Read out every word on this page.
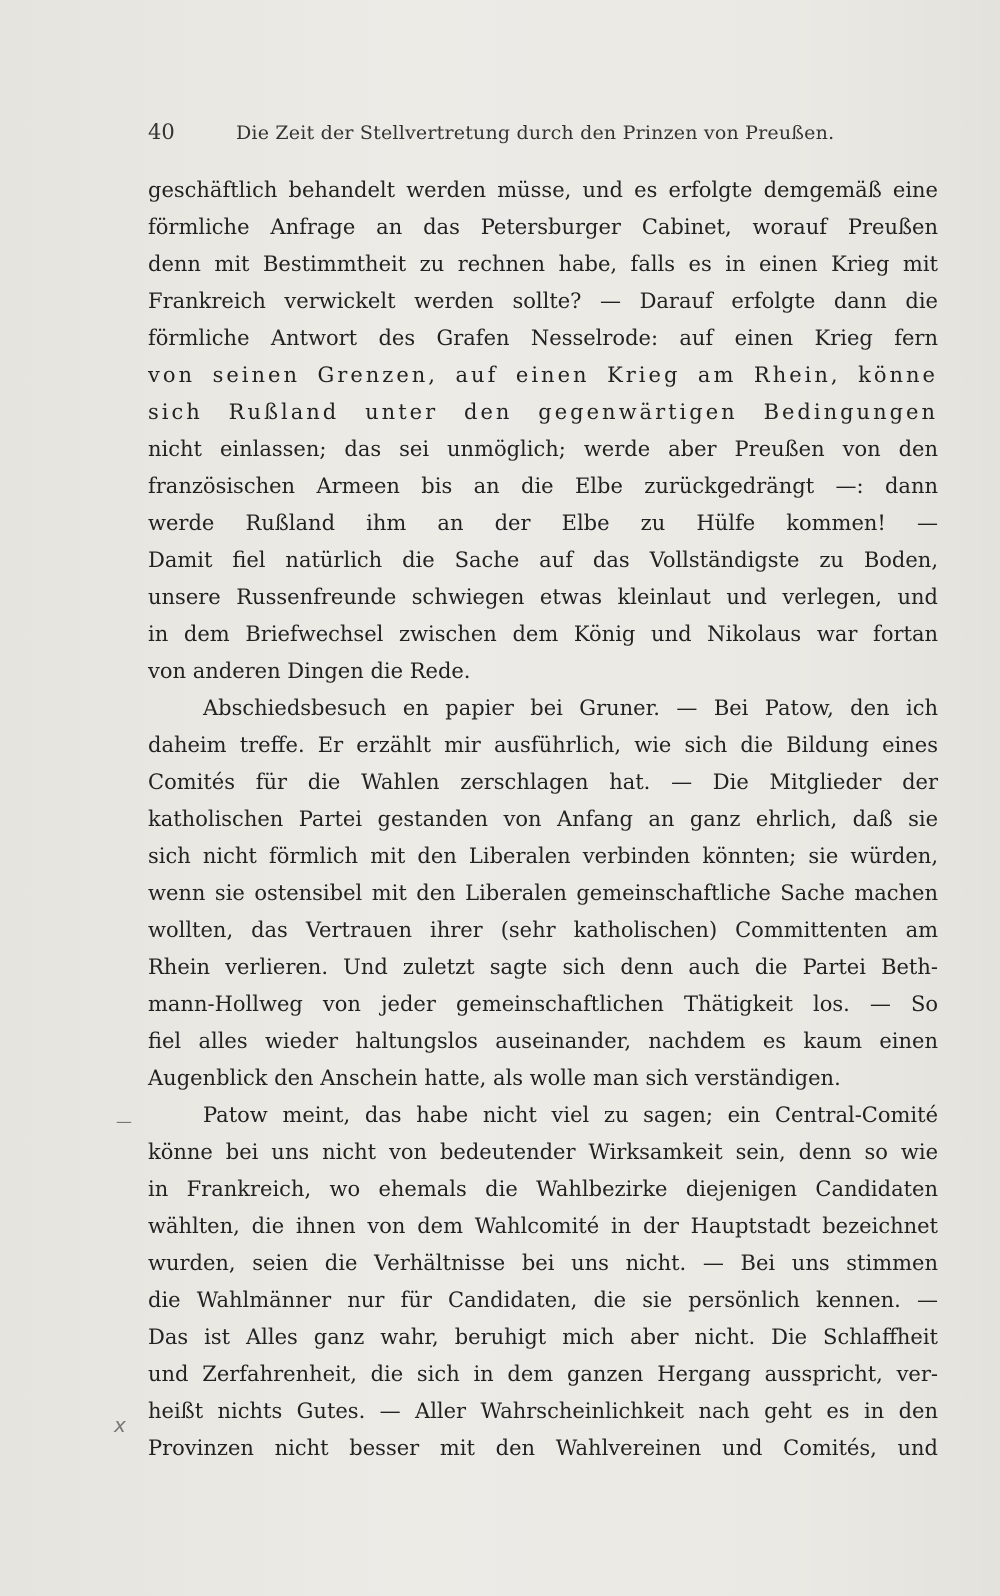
40	Die Zeit der Stellvertretung durch den Prinzen von Preußen.
geschäftlich behandelt werden müsse, und es erfolgte demgemäß eine
förmliche Anfrage an das Petersburger Cabinet, worauf Preußen
denn mit Bestimmtheit zu rechnen habe, falls es in einen Krieg mit
Frankreich verwickelt werden sollte? — Darauf erfolgte dann die
förmliche Antwort des Grafen Nesselrode: auf einen Krieg fern
von seinen Grenzen, auf einen Krieg am Rhein, könne
sich Rußland unter den gegenwärtigen Bedingungen
nicht einlassen; das sei unmöglich; werde aber Preußen von den
französischen Armeen bis an die Elbe zurückgedrängt —: dann
werde Rußland ihm an der Elbe zu Hülfe kommen! —
Damit fiel natürlich die Sache auf das Vollständigste zu Boden,
unsere Russenfreunde schwiegen etwas kleinlaut und verlegen, und
in dem Briefwechsel zwischen dem König und Nikolaus war fortan
von anderen Dingen die Rede.
Abschiedsbesuch en papier bei Gruner. — Bei Patow, den ich
daheim treffe. Er erzählt mir ausführlich, wie sich die Bildung eines
Comités für die Wahlen zerschlagen hat. — Die Mitglieder der
katholischen Partei gestanden von Anfang an ganz ehrlich, daß sie
sich nicht förmlich mit den Liberalen verbinden könnten; sie würden,
wenn sie ostensibel mit den Liberalen gemeinschaftliche Sache machen
wollten, das Vertrauen ihrer (sehr katholischen) Committenten am
Rhein verlieren. Und zuletzt sagte sich denn auch die Partei Beth-
mann-Hollweg von jeder gemeinschaftlichen Thätigkeit los. — So
fiel alles wieder haltungslos auseinander, nachdem es kaum einen
Augenblick den Anschein hatte, als wolle man sich verständigen.
Patow meint, das habe nicht viel zu sagen; ein Central-Comité
könne bei uns nicht von bedeutender Wirksamkeit sein, denn so wie
in Frankreich, wo ehemals die Wahlbezirke diejenigen Candidaten
wählten, die ihnen von dem Wahlcomité in der Hauptstadt bezeichnet
wurden, seien die Verhältnisse bei uns nicht. — Bei uns stimmen
die Wahlmänner nur für Candidaten, die sie persönlich kennen. —
Das ist Alles ganz wahr, beruhigt mich aber nicht. Die Schlaffheit
und Zerfahrenheit, die sich in dem ganzen Hergang ausspricht, ver-
heißt nichts Gutes. — Aller Wahrscheinlichkeit nach geht es in den
Provinzen nicht besser mit den Wahlvereinen und Comités, und
—
x
